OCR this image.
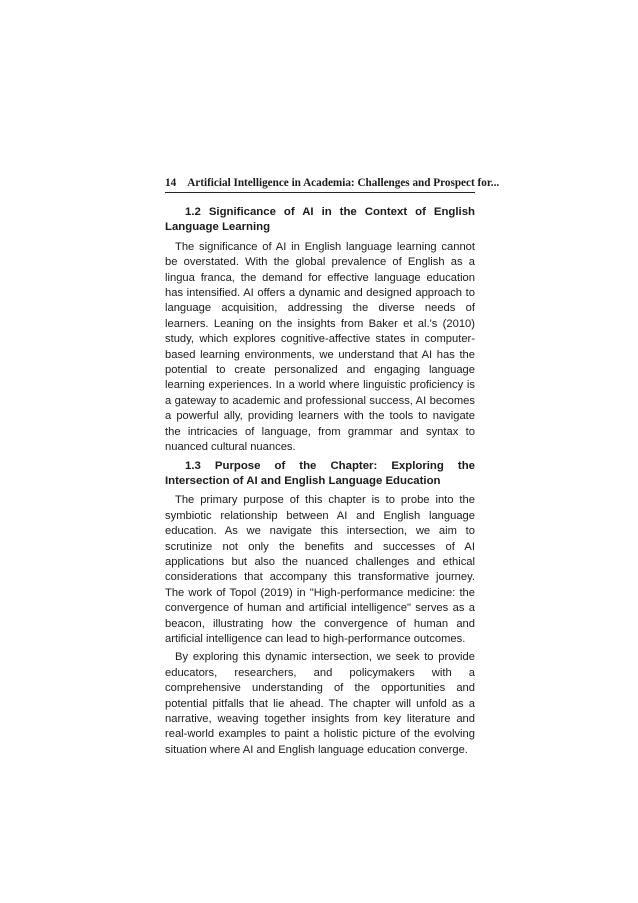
14 Artificial Intelligence in Academia: Challenges and Prospect for...
1.2 Significance of AI in the Context of English Language Learning

The significance of AI in English language learning cannot be overstated. With the global prevalence of English as a lingua franca, the demand for effective language education has intensified. AI offers a dynamic and designed approach to language acquisition, addressing the diverse needs of learners. Leaning on the insights from Baker et al.'s (2010) study, which explores cognitive-affective states in computer-based learning environments, we understand that AI has the potential to create personalized and engaging language learning experiences. In a world where linguistic proficiency is a gateway to academic and professional success, AI becomes a powerful ally, providing learners with the tools to navigate the intricacies of language, from grammar and syntax to nuanced cultural nuances.

1.3 Purpose of the Chapter: Exploring the Intersection of AI and English Language Education

The primary purpose of this chapter is to probe into the symbiotic relationship between AI and English language education. As we navigate this intersection, we aim to scrutinize not only the benefits and successes of AI applications but also the nuanced challenges and ethical considerations that accompany this transformative journey. The work of Topol (2019) in "High-performance medicine: the convergence of human and artificial intelligence" serves as a beacon, illustrating how the convergence of human and artificial intelligence can lead to high-performance outcomes.

By exploring this dynamic intersection, we seek to provide educators, researchers, and policymakers with a comprehensive understanding of the opportunities and potential pitfalls that lie ahead. The chapter will unfold as a narrative, weaving together insights from key literature and real-world examples to paint a holistic picture of the evolving situation where AI and English language education converge.
